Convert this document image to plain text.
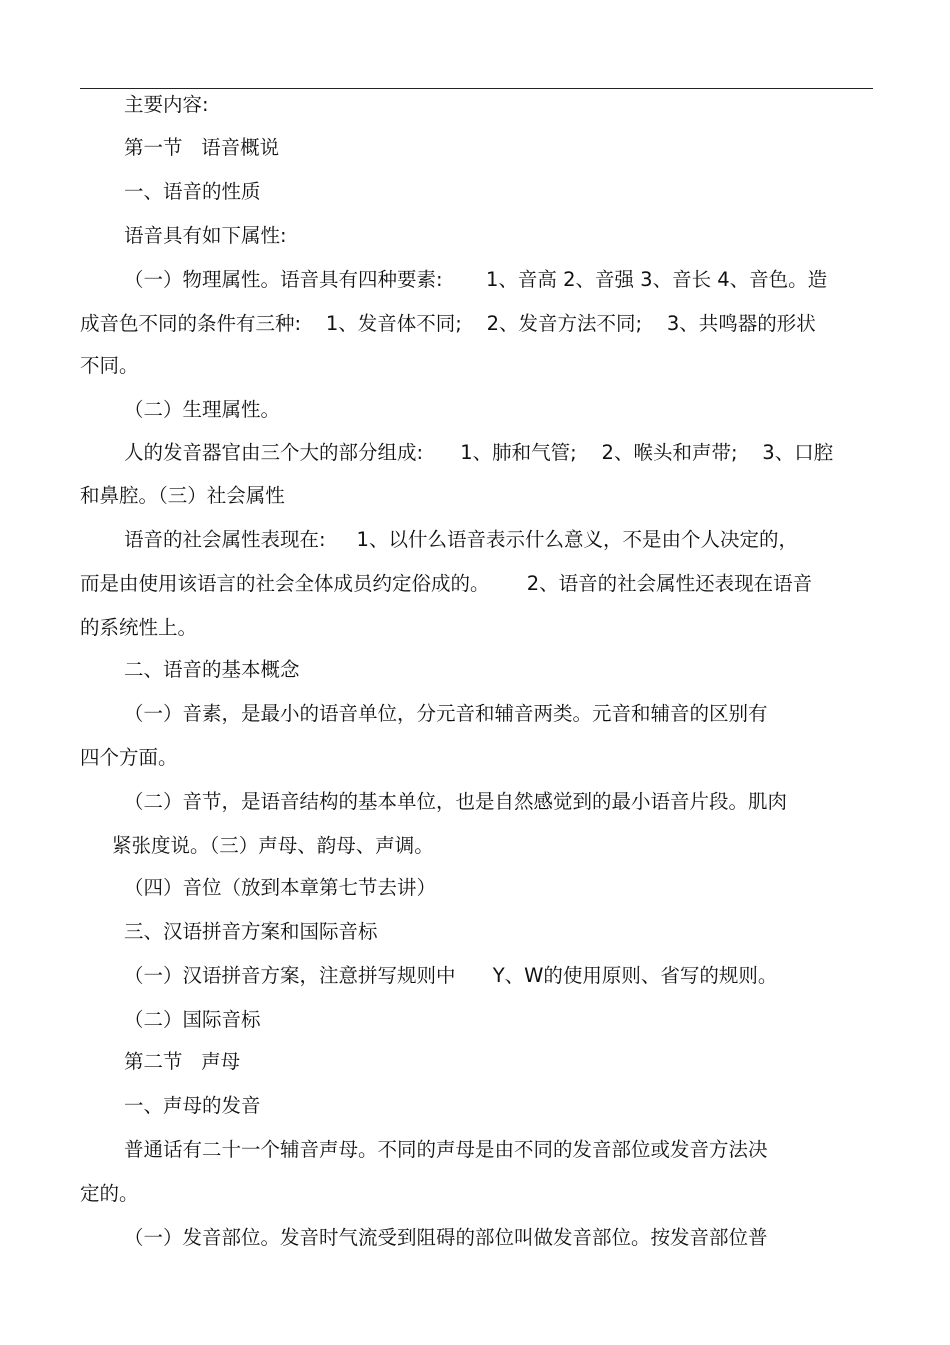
主要内容:
第一节   语音概说
一、语音的性质
语音具有如下属性:
（一）物理属性。语音具有四种要素:       1、音高 2、音强 3、音长 4、音色。造
成音色不同的条件有三种:    1、发音体不同;    2、发音方法不同;    3、共鸣器的形状
不同。
（二）生理属性。
人的发音器官由三个大的部分组成:      1、肺和气管;    2、喉头和声带;    3、口腔
和鼻腔。（三）社会属性
语音的社会属性表现在:     1、以什么语音表示什么意义，不是由个人决定的，
而是由使用该语言的社会全体成员约定俗成的。      2、语音的社会属性还表现在语音
的系统性上。
二、语音的基本概念
（一）音素，是最小的语音单位，分元音和辅音两类。元音和辅音的区别有
四个方面。
（二）音节，是语音结构的基本单位，也是自然感觉到的最小语音片段。肌肉
紧张度说。（三）声母、韵母、声调。
（四）音位（放到本章第七节去讲）
三、汉语拼音方案和国际音标
（一）汉语拼音方案，注意拼写规则中      Y、W的使用原则、省写的规则。
（二）国际音标
第二节   声母
一、声母的发音
普通话有二十一个辅音声母。不同的声母是由不同的发音部位或发音方法决
定的。
（一）发音部位。发音时气流受到阻碍的部位叫做发音部位。按发音部位普
